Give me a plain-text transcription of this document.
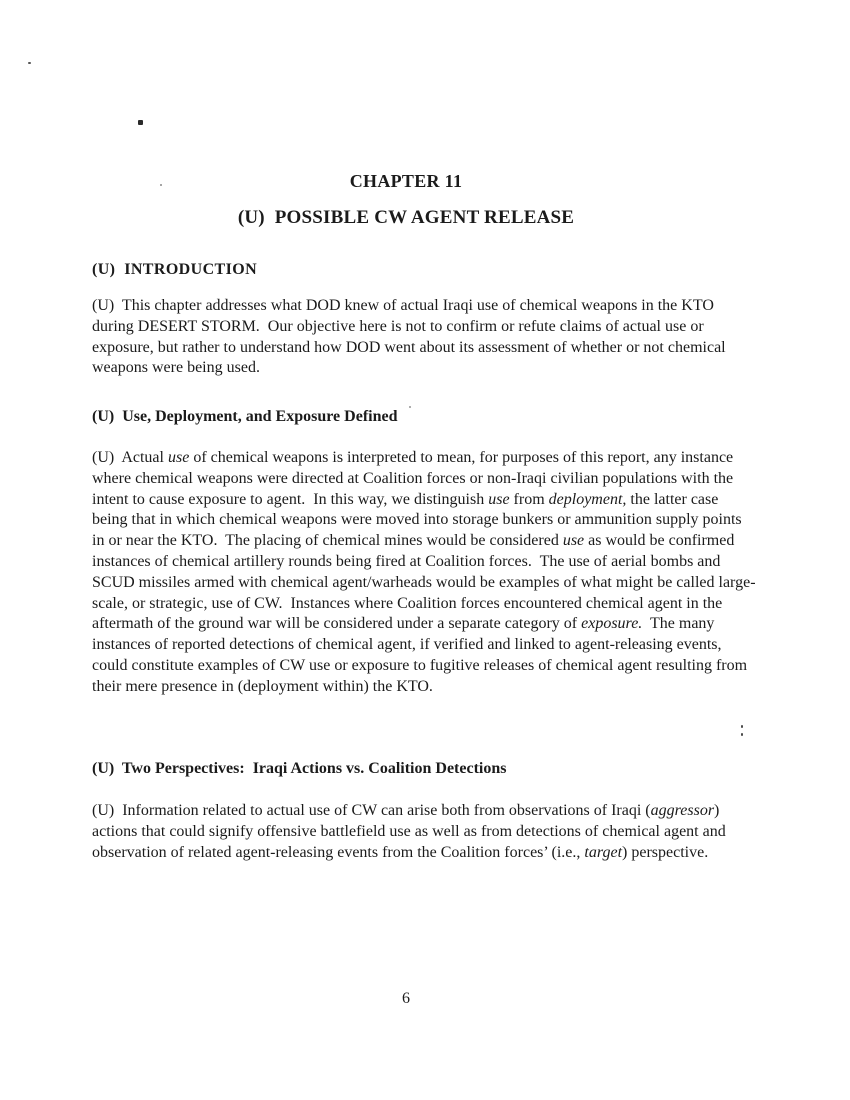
CHAPTER 11
(U)  POSSIBLE CW AGENT RELEASE
(U)  INTRODUCTION

(U)  This chapter addresses what DOD knew of actual Iraqi use of chemical weapons in the KTO during DESERT STORM.  Our objective here is not to confirm or refute claims of actual use or exposure, but rather to understand how DOD went about its assessment of whether or not chemical weapons were being used.

(U)  Use, Deployment, and Exposure Defined

(U)  Actual use of chemical weapons is interpreted to mean, for purposes of this report, any instance where chemical weapons were directed at Coalition forces or non-Iraqi civilian populations with the intent to cause exposure to agent.  In this way, we distinguish use from deployment, the latter case being that in which chemical weapons were moved into storage bunkers or ammunition supply points in or near the KTO.  The placing of chemical mines would be considered use as would be confirmed instances of chemical artillery rounds being fired at Coalition forces.  The use of aerial bombs and SCUD missiles armed with chemical agent/warheads would be examples of what might be called large-scale, or strategic, use of CW.  Instances where Coalition forces encountered chemical agent in the aftermath of the ground war will be considered under a separate category of exposure.  The many instances of reported detections of chemical agent, if verified and linked to agent-releasing events, could constitute examples of CW use or exposure to fugitive releases of chemical agent resulting from their mere presence in (deployment within) the KTO.

(U)  Two Perspectives:  Iraqi Actions vs. Coalition Detections

(U)  Information related to actual use of CW can arise both from observations of Iraqi (aggressor) actions that could signify offensive battlefield use as well as from detections of chemical agent and observation of related agent-releasing events from the Coalition forces’ (i.e., target) perspective.

6
